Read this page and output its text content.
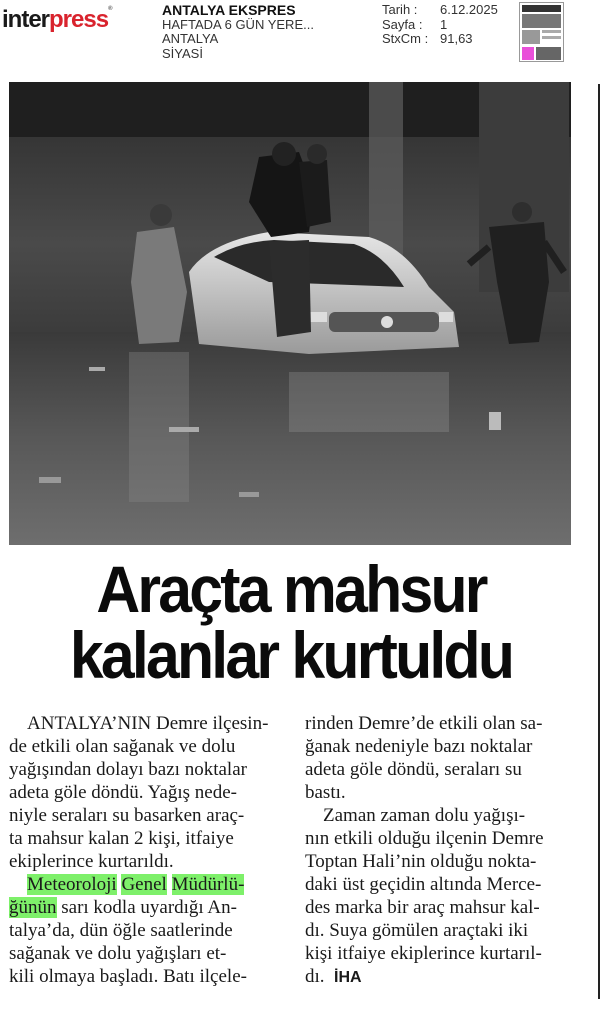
interpress®	ANTALYA EKSPRES
HAFTADA 6 GÜN YERE...
ANTALYA
SİYASİ
Tarih :	6.12.2025
Sayfa :	1
StxCm : 91,63
Araçta mahsur
kalanlar kurtuldu
ANTALYA’NIN Demre ilçesin-
de etkili olan sağanak ve dolu
yağışından dolayı bazı noktalar
adeta göle döndü. Yağış nede-
niyle seraları su basarken araç-
ta mahsur kalan 2 kişi, itfaiye
ekiplerince kurtarıldı.
Meteoroloji Genel Müdürlü-
ğünün sarı kodla uyardığı An-
talya’da, dün öğle saatlerinde
sağanak ve dolu yağışları et-
kili olmaya başladı. Batı ilçele-
rinden Demre’de etkili olan sa-
ğanak nedeniyle bazı noktalar
adeta göle döndü, seraları su
bastı.
Zaman zaman dolu yağışı-
nın etkili olduğu ilçenin Demre
Toptan Hali’nin olduğu nokta-
daki üst geçidin altında Merce-
des marka bir araç mahsur kal-
dı. Suya gömülen araçtaki iki
kişi itfaiye ekiplerince kurtarıl-
dı. İHA
